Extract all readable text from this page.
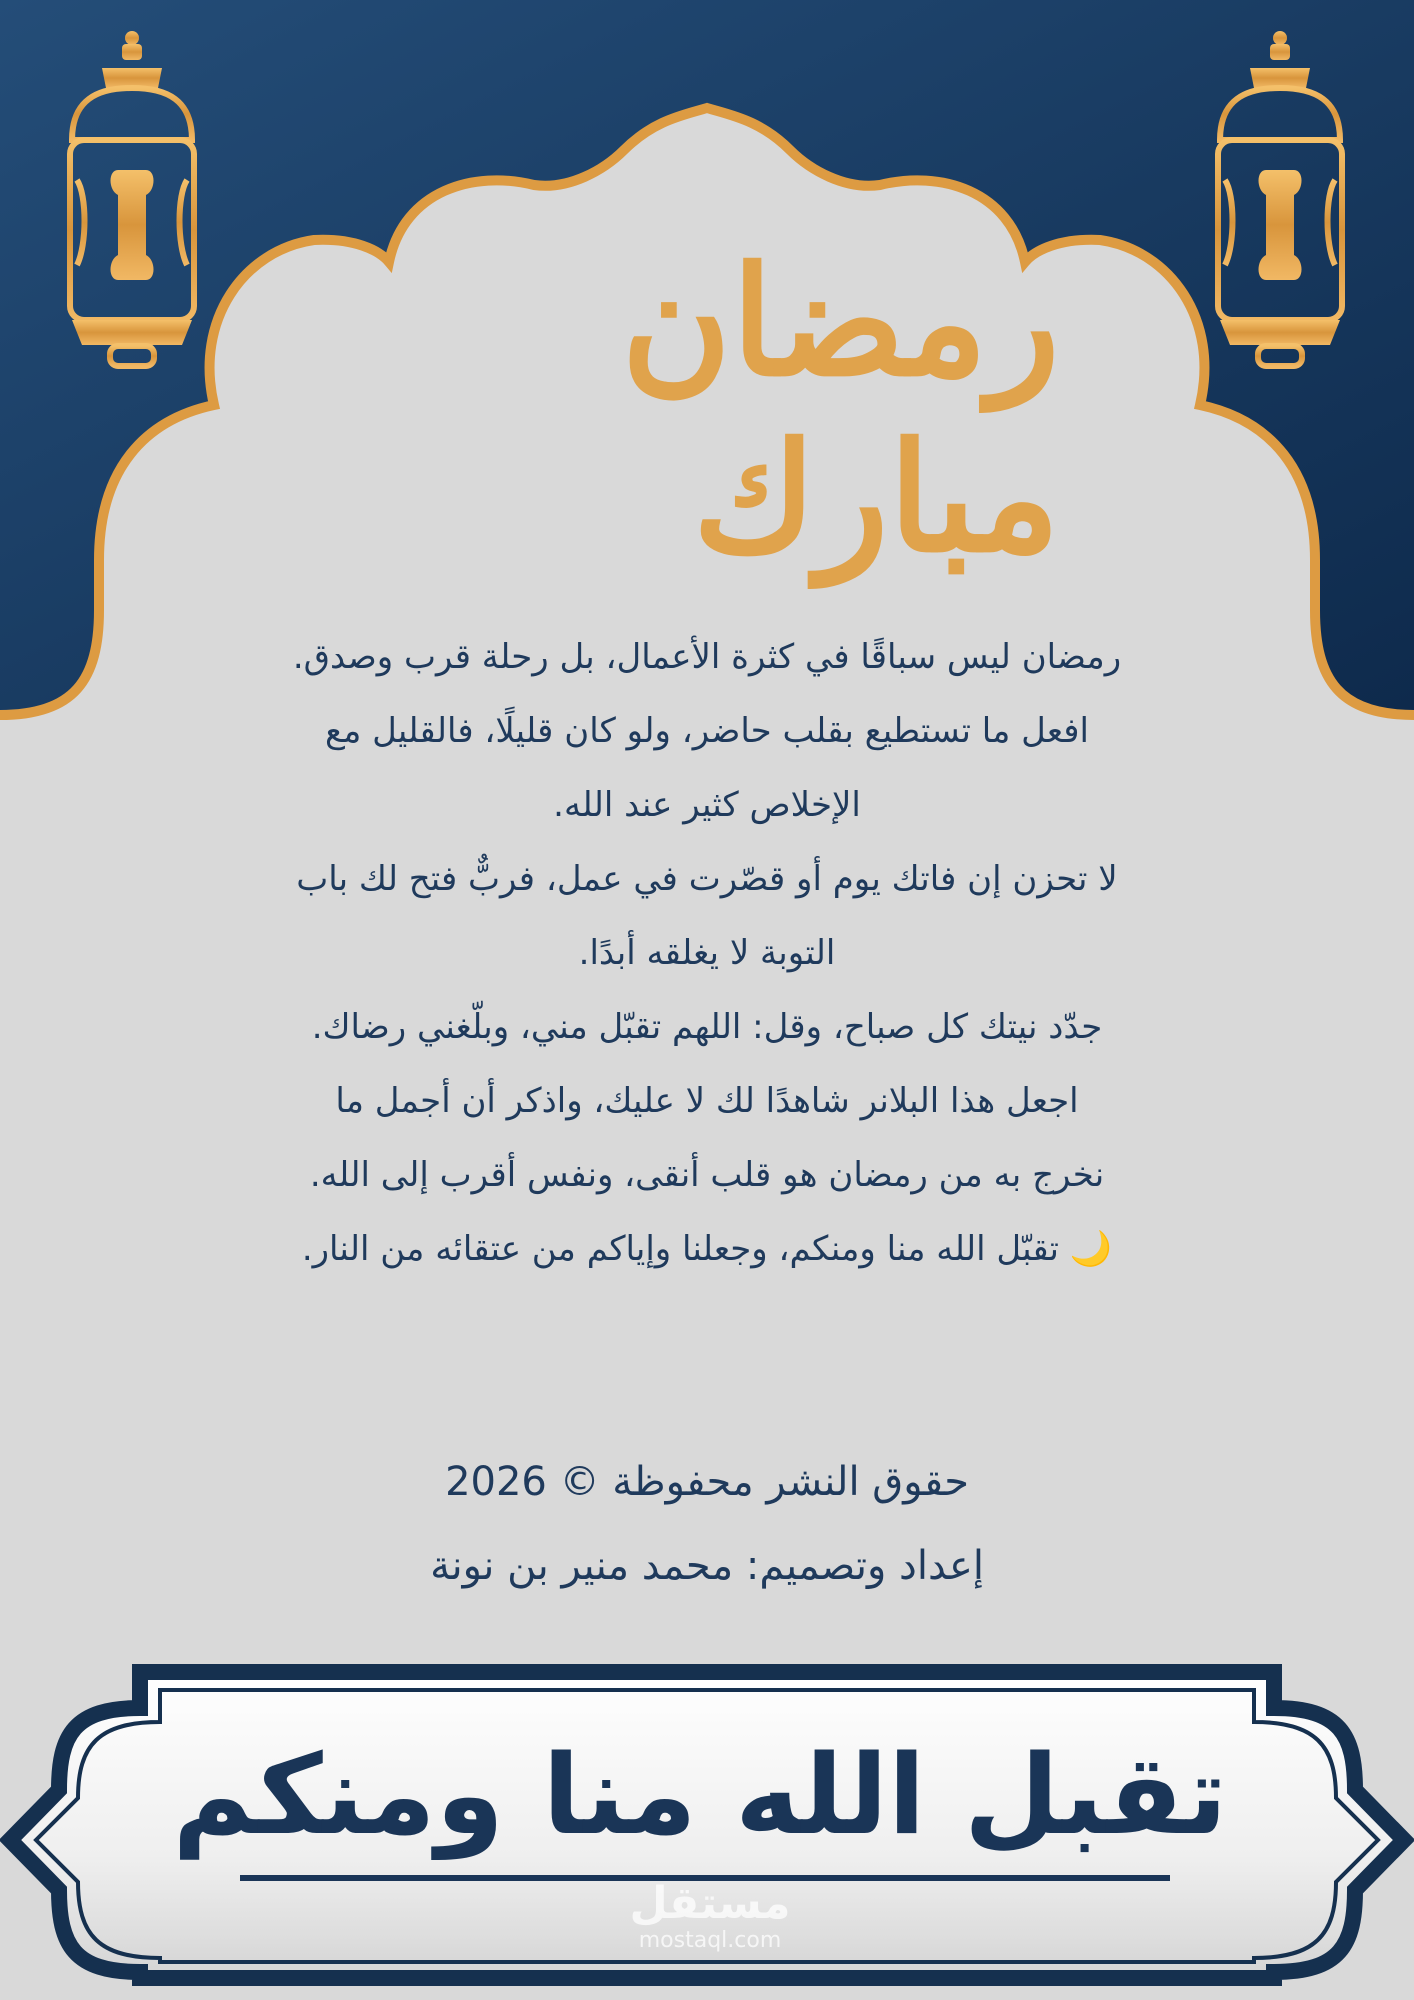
رمضان مبارك

رمضان ليس سباقًا في كثرة الأعمال، بل رحلة قرب وصدق.

افعل ما تستطيع بقلب حاضر، ولو كان قليلًا، فالقليل مع

الإخلاص كثير عند الله.

لا تحزن إن فاتك يوم أو قصّرت في عمل، فربٌّ فتح لك باب

التوبة لا يغلقه أبدًا.

جدّد نيتك كل صباح، وقل: اللهم تقبّل مني، وبلّغني رضاك.

اجعل هذا البلانر شاهدًا لك لا عليك، واذكر أن أجمل ما

نخرج به من رمضان هو قلب أنقى، ونفس أقرب إلى الله.

🌙 تقبّل الله منا ومنكم، وجعلنا وإياكم من عتقائه من النار.

حقوق النشر محفوظة © 2026

إعداد وتصميم: محمد منير بن نونة

تقبل الله منا ومنكم
مستقل
mostaql.com
